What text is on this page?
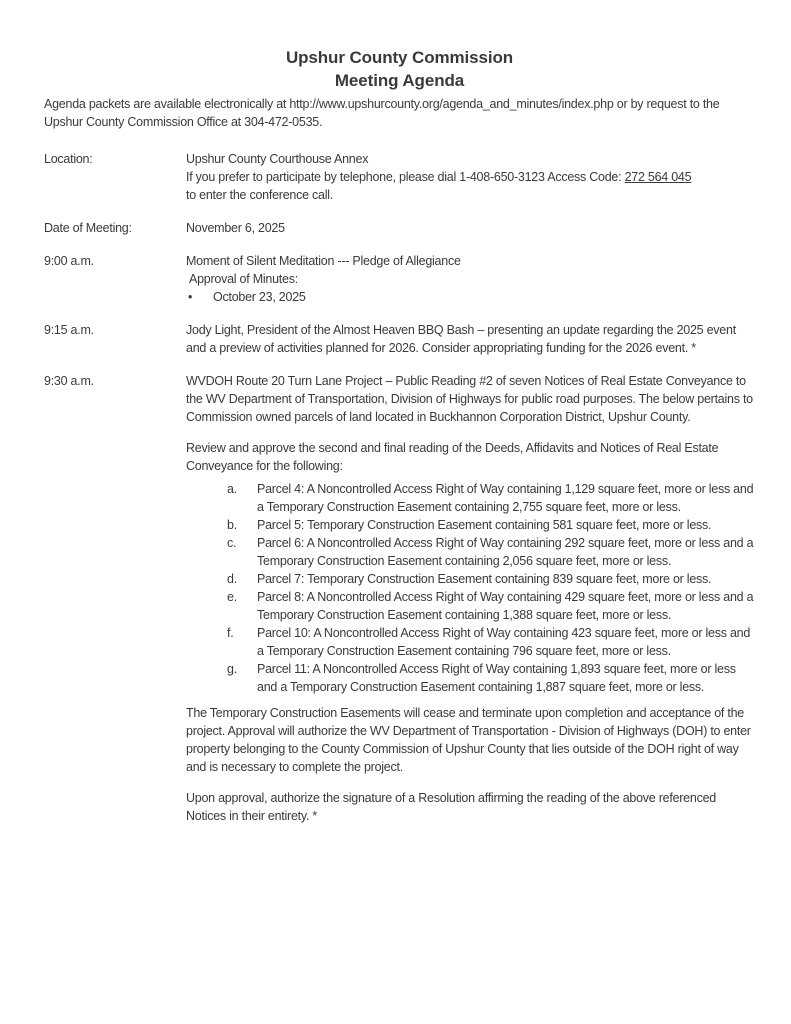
Upshur County Commission
Meeting Agenda

Agenda packets are available electronically at http://www.upshurcounty.org/agenda_and_minutes/index.php or by request to the Upshur County Commission Office at 304-472-0535.

Location:	Upshur County Courthouse Annex
If you prefer to participate by telephone, please dial 1-408-650-3123 Access Code: 272 564 045
to enter the conference call.
Date of Meeting:	November 6, 2025
9:00 a.m.	Moment of Silent Meditation --- Pledge of Allegiance
Approval of Minutes:
•	October 23, 2025
9:15 a.m.	Jody Light, President of the Almost Heaven BBQ Bash – presenting an update regarding the 2025 event and a preview of activities planned for 2026. Consider appropriating funding for the 2026 event. *
9:30 a.m.	WVDOH Route 20 Turn Lane Project – Public Reading #2 of seven Notices of Real Estate Conveyance to the WV Department of Transportation, Division of Highways for public road purposes. The below pertains to Commission owned parcels of land located in Buckhannon Corporation District, Upshur County.

Review and approve the second and final reading of the Deeds, Affidavits and Notices of Real Estate Conveyance for the following:

a.	Parcel 4: A Noncontrolled Access Right of Way containing 1,129 square feet, more or less and a Temporary Construction Easement containing 2,755 square feet, more or less.
b.	Parcel 5: Temporary Construction Easement containing 581 square feet, more or less.
c.	Parcel 6: A Noncontrolled Access Right of Way containing 292 square feet, more or less and a Temporary Construction Easement containing 2,056 square feet, more or less.
d.	Parcel 7: Temporary Construction Easement containing 839 square feet, more or less.
e.	Parcel 8: A Noncontrolled Access Right of Way containing 429 square feet, more or less and a Temporary Construction Easement containing 1,388 square feet, more or less.
f.	Parcel 10: A Noncontrolled Access Right of Way containing 423 square feet, more or less and a Temporary Construction Easement containing 796 square feet, more or less.
g.	Parcel 11: A Noncontrolled Access Right of Way containing 1,893 square feet, more or less and a Temporary Construction Easement containing 1,887 square feet, more or less.

The Temporary Construction Easements will cease and terminate upon completion and acceptance of the project. Approval will authorize the WV Department of Transportation - Division of Highways (DOH) to enter property belonging to the County Commission of Upshur County that lies outside of the DOH right of way and is necessary to complete the project.

Upon approval, authorize the signature of a Resolution affirming the reading of the above referenced Notices in their entirety. *
